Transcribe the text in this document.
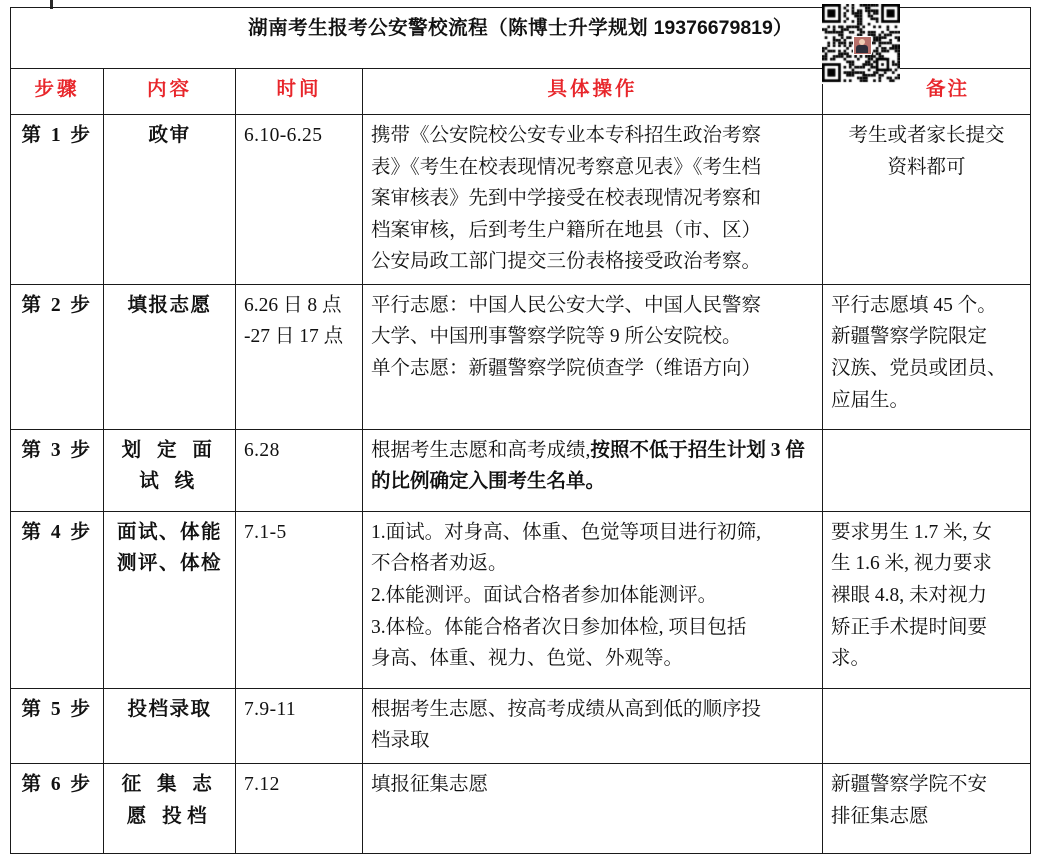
湖南考生报考公安警校流程（陈博士升学规划 19376679819）				
步骤	内容	时间	具体操作	备注
第 1 步	政审	6.10-6.25	携带《公安院校公安专业本专科招生政治考察
表》《考生在校表现情况考察意见表》《考生档
案审核表》先到中学接受在校表现情况考察和
档案审核，后到考生户籍所在地县（市、区）
公安局政工部门提交三份表格接受政治考察。	考生或者家长提交
资料都可

第 2 步	填报志愿	6.26 日 8 点
-27 日 17 点	平行志愿：中国人民公安大学、中国人民警察
大学、中国刑事警察学院等 9 所公安院校。
单个志愿：新疆警察学院侦查学（维语方向）	平行志愿填 45 个。
新疆警察学院限定
汉族、党员或团员、
应届生。

第 3 步	划 定 面 试 线	6.28	根据考生志愿和高考成绩,按照不低于招生计划 3 倍的比例确定入围考生名单。	
第 4 步	面试、体能 测评、体检	7.1-5	1.面试。对身高、体重、色觉等项目进行初筛,
不合格者劝返。
2.体能测评。面试合格者参加体能测评。
3.体检。体能合格者次日参加体检, 项目包括
身高、体重、视力、色觉、外观等。	要求男生 1.7 米, 女
生 1.6 米, 视力要求
裸眼 4.8, 未对视力
矫正手术提时间要
求。

第 5 步	投档录取	7.9-11	根据考生志愿、按高考成绩从高到低的顺序投
档录取	

第 6 步	征 集 志 愿 投档	7.12	填报征集志愿	新疆警察学院不安
排征集志愿
